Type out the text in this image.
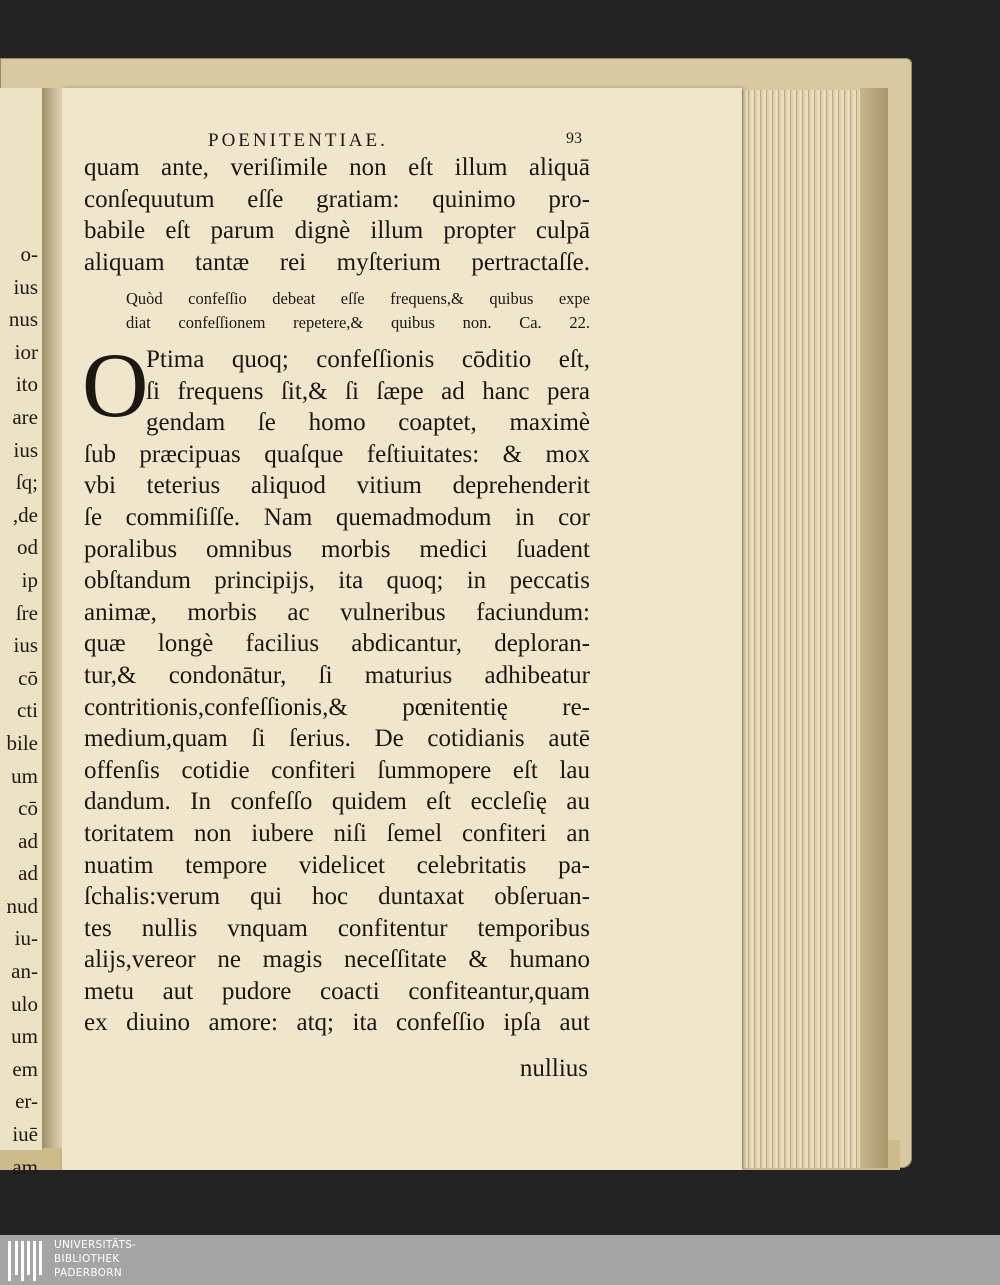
o-
ius
nus
ior
ito
are
ius
ſq;
,de
od
ip
ſre
ius
cō
cti
bile
um
cō
ad
ad
nud
iu-
an-
ulo
um
em
er-
iuē
am
POENITENTIAE.	93
quam ante, veriſimile non eſt illum aliquā
conſequutum eſſe gratiam: quinimo pro-
babile eſt parum dignè illum propter culpā
aliquam tantæ rei myſterium pertractaſſe.
Quòd confeſſio debeat eſſe frequens,& quibus expe
diat confeſſionem repetere,& quibus non. Ca. 22.
O
Ptima quoq; confeſſionis cōditio eſt,
ſi frequens ſit,& ſi ſæpe ad hanc pera
gendam ſe homo coaptet, maximè
ſub præcipuas quaſque feſtiuitates: & mox
vbi teterius aliquod vitium deprehenderit
ſe commiſiſſe. Nam quemadmodum in cor
poralibus omnibus morbis medici ſuadent
obſtandum principijs, ita quoq; in peccatis
animæ, morbis ac vulneribus faciundum:
quæ longè facilius abdicantur, deploran-
tur,& condonātur, ſi maturius adhibeatur
contritionis,confeſſionis,& pœnitentię re-
medium,quam ſi ſerius. De cotidianis autē
offenſis cotidie confiteri ſummopere eſt lau
dandum. In confeſſo quidem eſt eccleſię au
toritatem non iubere niſi ſemel confiteri an
nuatim tempore videlicet celebritatis pa-
ſchalis:verum qui hoc duntaxat obſeruan-
tes nullis vnquam confitentur temporibus
alijs,vereor ne magis neceſſitate & humano
metu aut pudore coacti confiteantur,quam
ex diuino amore: atq; ita confeſſio ipſa aut
nullius
UNIVERSITÄTS-
BIBLIOTHEK
PADERBORN
